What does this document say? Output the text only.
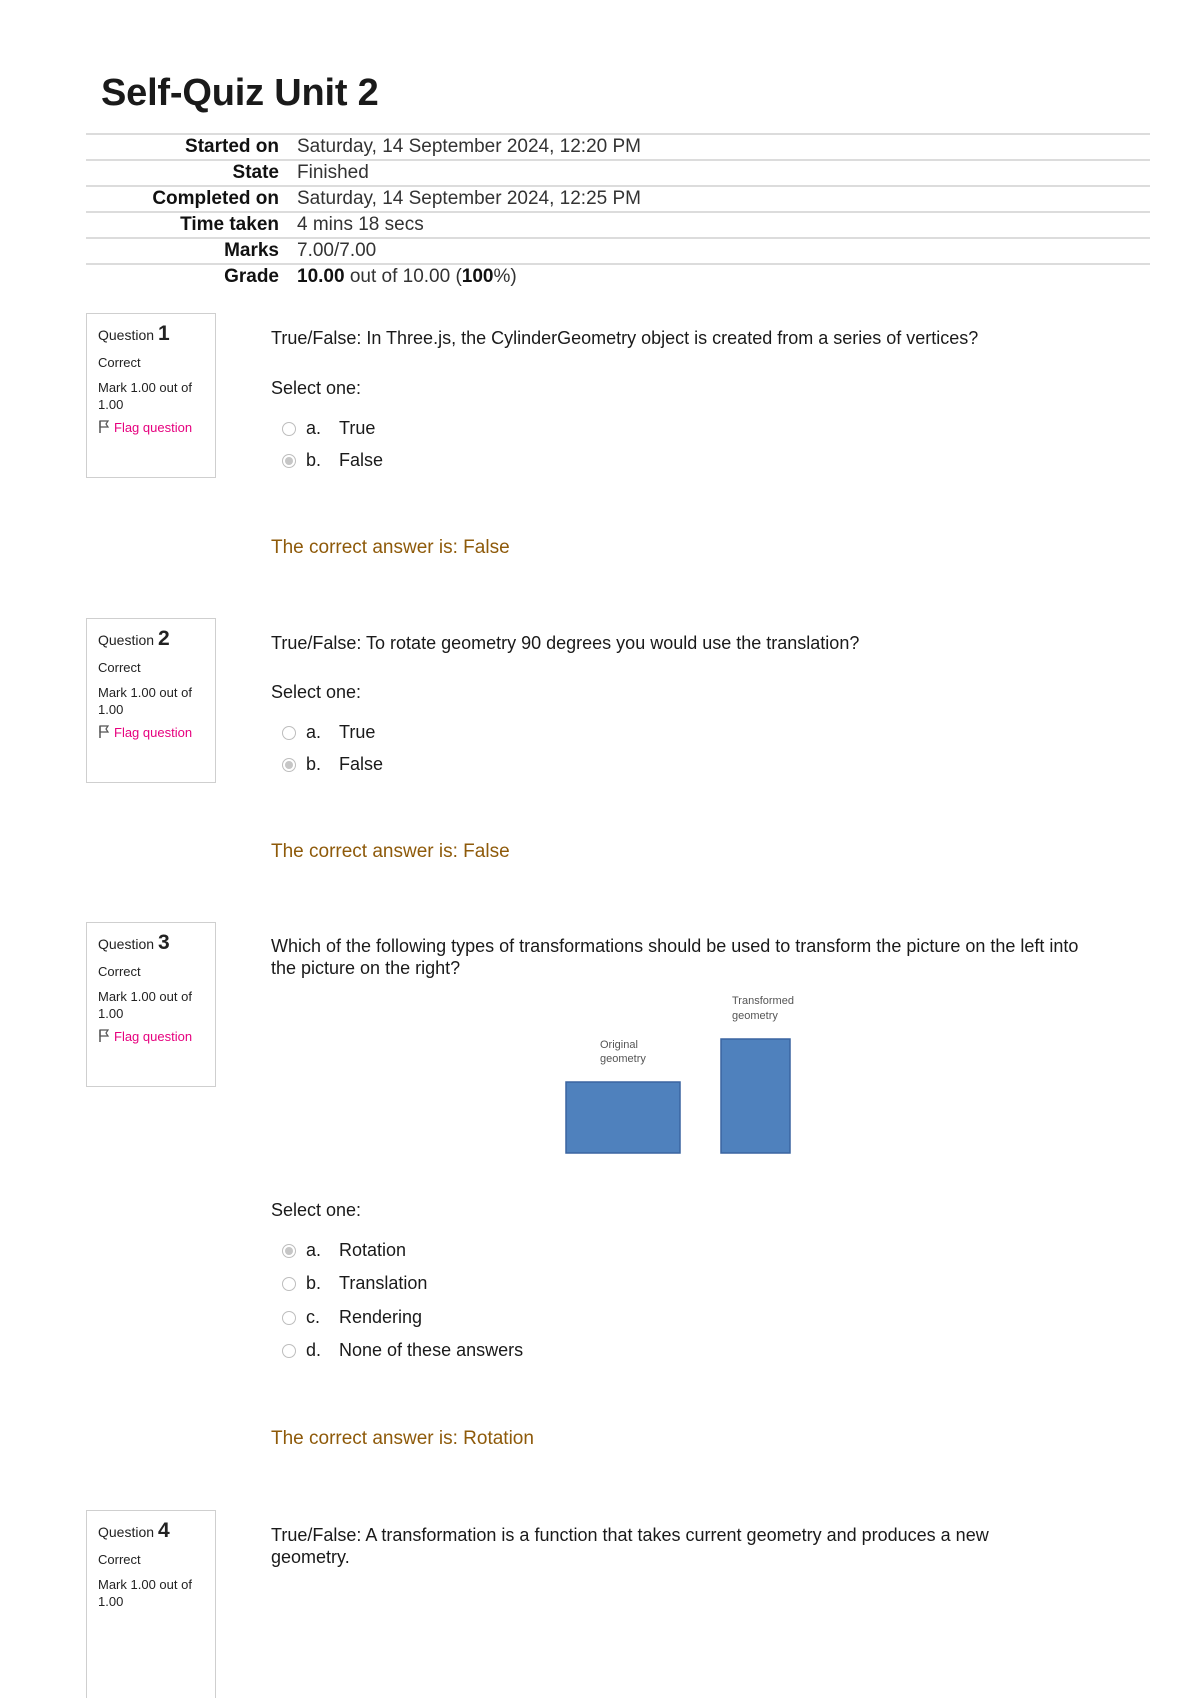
Self-Quiz Unit 2
Started on	Saturday, 14 September 2024, 12:20 PM
State	Finished
Completed on	Saturday, 14 September 2024, 12:25 PM
Time taken	4 mins 18 secs
Marks	7.00/7.00
Grade	10.00 out of 10.00 (100%)
Question 1
Correct
Mark 1.00 out of 1.00
Flag question
True/False: In Three.js, the CylinderGeometry object is created from a series of vertices?
Select one:
a. True
b. False
The correct answer is: False
Question 2
Correct
Mark 1.00 out of 1.00
Flag question
True/False: To rotate geometry 90 degrees you would use the translation?
Select one:
a. True
b. False
The correct answer is: False
Question 3
Correct
Mark 1.00 out of 1.00
Flag question
Which of the following types of transformations should be used to transform the picture on the left into the picture on the right?
Original
geometry
Transformed
geometry
Select one:
a. Rotation
b. Translation
c. Rendering
d. None of these answers
The correct answer is: Rotation
Question 4
Correct
Mark 1.00 out of 1.00
True/False: A transformation is a function that takes current geometry and produces a new geometry.
